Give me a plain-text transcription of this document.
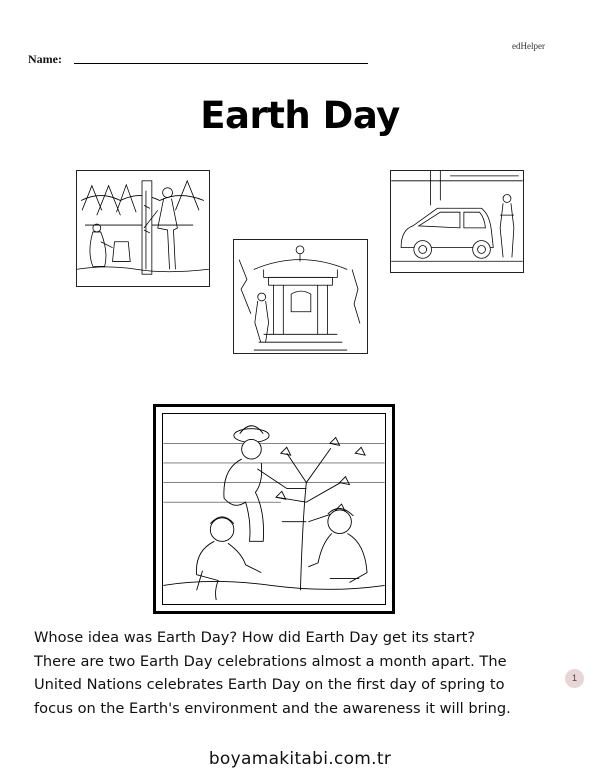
edHelper
Name:
Earth Day
Whose idea was Earth Day? How did Earth Day get its start?
There are two Earth Day celebrations almost a month apart. The
United Nations celebrates Earth Day on the first day of spring to
focus on the Earth's environment and the awareness it will bring.
1
boyamakitabi.com.tr
